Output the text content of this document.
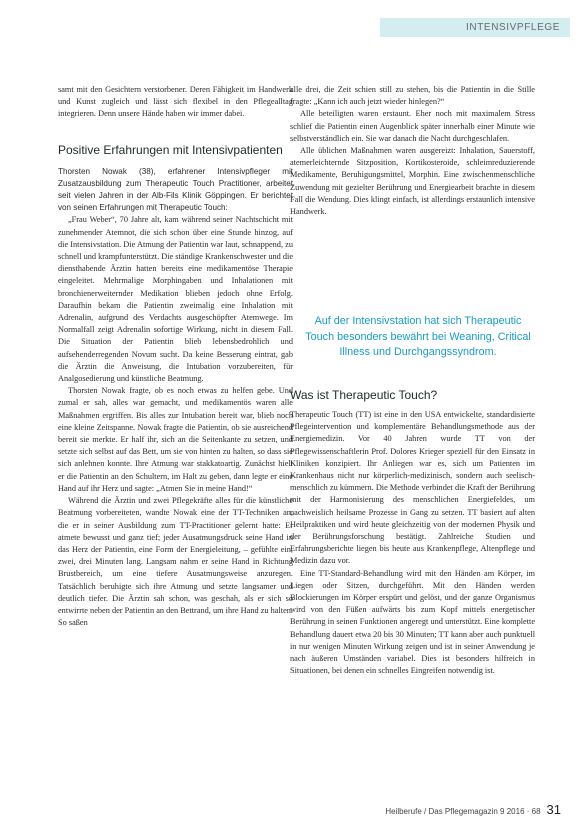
INTENSIVPFLEGE

samt mit den Gesichtern verstorbener. Deren Fähigkeit im Handwerk und Kunst zugleich und lässt sich flexibel in den Pflegealltag integrieren. Denn unsere Hände haben wir immer dabei.

Positive Erfahrungen mit Intensivpatienten

Thorsten Nowak (38), erfahrener Intensivpfleger mit Zusatzausbildung zum Therapeutic Touch Practitioner, arbeitet seit vielen Jahren in der Alb-Fils Klinik Göppingen. Er berichtet von seinen Erfahrungen mit Therapeutic Touch:

„Frau Weber“, 70 Jahre alt, kam während seiner Nachtschicht mit zunehmender Atemnot, die sich schon über eine Stunde hinzog, auf die Intensivstation. Die Atmung der Patientin war laut, schnappend, zu schnell und krampfunterstützt. Die ständige Krankenschwester und die diensthabende Ärztin hatten bereits eine medikamentöse Therapie eingeleitet. Mehrmalige Morphingaben und Inhalationen mit bronchienerweiternder Medikation blieben jedoch ohne Erfolg. Daraufhin bekam die Patientin zweimalig eine Inhalation mit Adrenalin, aufgrund des Verdachts ausgeschöpfter Atemwege. Im Normalfall zeigt Adrenalin sofortige Wirkung, nicht in diesem Fall. Die Situation der Patientin blieb lebensbedrohlich und aufsehenderregenden Novum sucht. Da keine Besserung eintrat, gab die Ärztin die Anweisung, die Intubation vorzubereiten, für Analgosedierung und künstliche Beatmung.

Thorsten Nowak fragte, ob es noch etwas zu helfen gebe. Und zumal er sah, alles war gemacht, und medikamentös waren alle Maßnahmen ergriffen. Bis alles zur Intubation bereit war, blieb noch eine kleine Zeitspanne. Nowak fragte die Patientin, ob sie ausreichend bereit sie merkte. Er half ihr, sich an die Seitenkante zu setzen, und setzte sich selbst auf das Bett, um sie von hinten zu halten, so dass sie sich anlehnen konnte. Ihre Atmung war stakkatoartig. Zunächst hielt er die Patientin an den Schultern, im Halt zu geben, dann legte er eine Hand auf ihr Herz und sagte: „Atmen Sie in meine Hand!“

Während die Ärztin und zwei Pflegekräfte alles für die künstliche Beatmung vorbereiteten, wandte Nowak eine der TT-Techniken an, die er in seiner Ausbildung zum TT-Practitioner gelernt hatte: Er atmete bewusst und ganz tief; jeder Ausatmungsdruck seine Hand in das Herz der Patientin, eine Form der Energieleitung, – gefühlte ein, zwei, drei Minuten lang. Langsam nahm er seine Hand in Richtung Brustbereich, um eine tiefere Ausatmungsweise anzuregen. Tatsächlich beruhigte sich ihre Atmung und setzte langsamer und deutlich tiefer. Die Ärztin sah schon, was geschah, als er sich so entwirrte neben der Patientin an den Bettrand, um ihre Hand zu halten. So saßen

alle drei, die Zeit schien still zu stehen, bis die Patientin in die Stille fragte: „Kann ich auch jetzt wieder hinlegen?“

Alle beteiligten waren erstaunt. Eher noch mit maximalem Stress schlief die Patientin einen Augenblick später innerhalb einer Minute wie selbstverständlich ein. Sie war danach die Nacht durchgeschlafen.

Alle üblichen Maßnahmen waren ausgereizt: Inhalation, Sauerstoff, atemerleichternde Sitzposition, Kortikosteroide, schleimreduzierende Medikamente, Beruhigungsmittel, Morphin. Eine zwischenmenschliche Zuwendung mit gezielter Berührung und Energiearbeit brachte in diesem Fall die Wendung. Dies klingt einfach, ist allerdings erstaunlich intensive Handwerk.

Auf der Intensivstation hat sich Therapeutic Touch besonders bewährt bei Weaning, Critical Illness und Durchgangssyndrom.
Was ist Therapeutic Touch?

Therapeutic Touch (TT) ist eine in den USA entwickelte, standardisierte Pflegeintervention und komplementäre Behandlungsmethode aus der Energiemedizin. Vor 40 Jahren wurde TT von der Pflegewissenschaftlerin Prof. Dolores Krieger speziell für den Einsatz in Kliniken konzipiert. Ihr Anliegen war es, sich um Patienten im Krankenhaus nicht nur körperlich-medizinisch, sondern auch seelisch-menschlich zu kümmern. Die Methode verbindet die Kraft der Berührung mit der Harmonisierung des menschlichen Energiefeldes, um nachweislich heilsame Prozesse in Gang zu setzen. TT basiert auf alten Heilpraktiken und wird heute gleichzeitig von der modernen Physik und der Berührungsforschung bestätigt. Zahlreiche Studien und Erfahrungsberichte liegen bis heute aus Krankenpflege, Altenpflege und Medizin dazu vor.

Eine TT-Standard-Behandlung wird mit den Händen am Körper, im Liegen oder Sitzen, durchgeführt. Mit den Händen werden Blockierungen im Körper erspürt und gelöst, und der ganze Organismus wird von den Füßen aufwärts bis zum Kopf mittels energetischer Berührung in seinen Funktionen angeregt und unterstützt. Eine komplette Behandlung dauert etwa 20 bis 30 Minuten; TT kann aber auch punktuell in nur wenigen Minuten Wirkung zeigen und ist in seiner Anwendung je nach äußeren Umständen variabel. Dies ist besonders hilfreich in Situationen, bei denen ein schnelles Eingreifen notwendig ist.

Heilberufe / Das Pflegemagazin 9 2016 · 68 31
